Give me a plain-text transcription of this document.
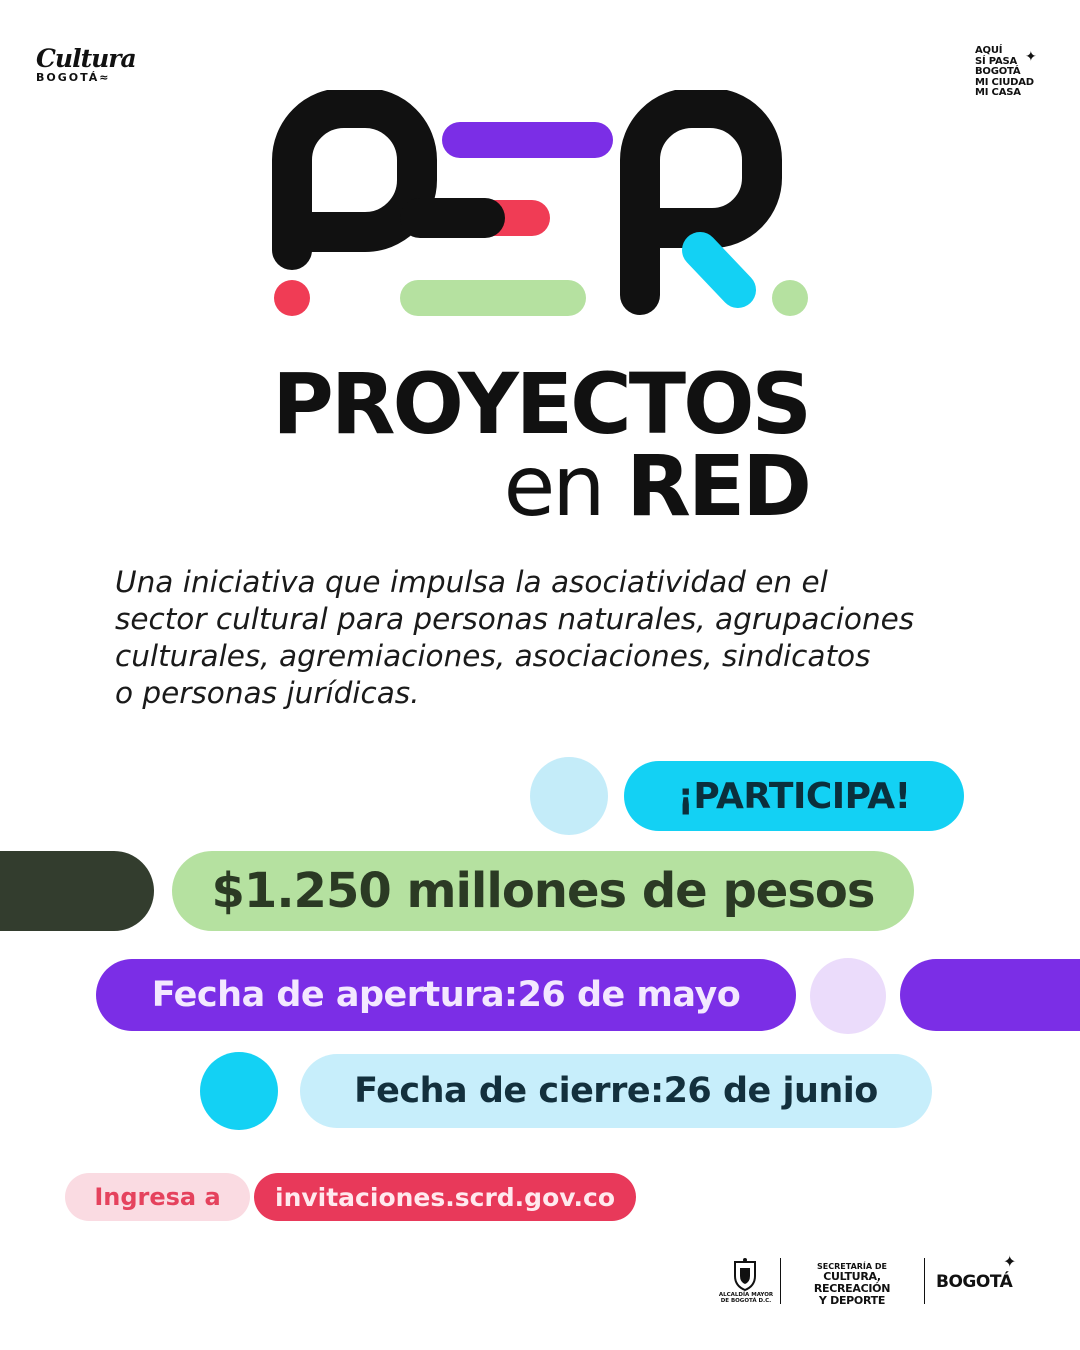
Cultura
BOGOTÁ≈
AQUÍ
SÍ PASA
BOGOTÁ
MI CIUDAD
MI CASA
✦
PROYECTOS
en RED
Una iniciativa que impulsa la asociatividad en el
sector cultural para personas naturales, agrupaciones
culturales, agremiaciones, asociaciones, sindicatos
o personas jurídicas.
¡PARTICIPA!
$1.250 millones de pesos
Fecha de apertura: 26 de mayo
Fecha de cierre: 26 de junio
Ingresa a	invitaciones.scrd.gov.co
ALCALDÍA MAYOR
DE BOGOTÁ D.C.
SECRETARÍA DE
CULTURA, RECREACIÓN
Y DEPORTE
BOGOTÁ
✦
